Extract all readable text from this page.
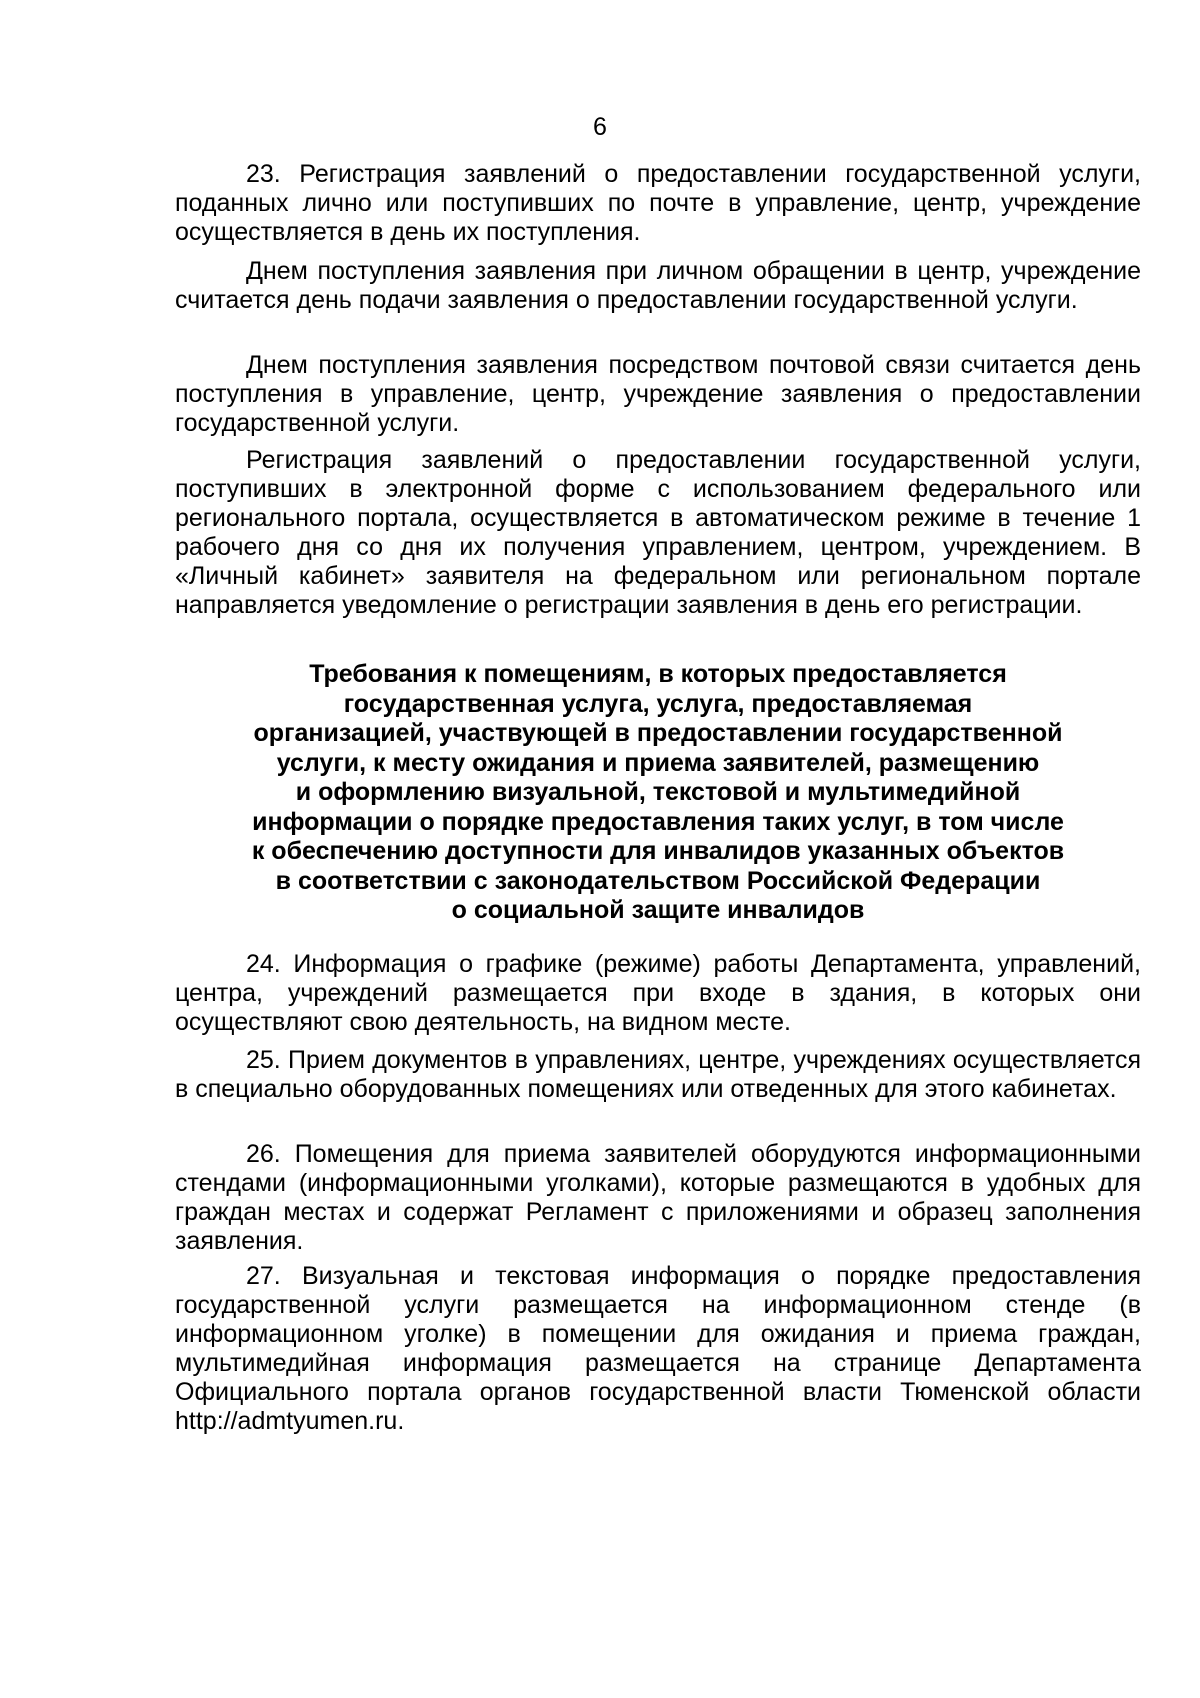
6

23. Регистрация заявлений о предоставлении государственной услуги, поданных лично или поступивших по почте в управление, центр, учреждение осуществляется в день их поступления.

Днем поступления заявления при личном обращении в центр, учреждение считается день подачи заявления о предоставлении государственной услуги.

Днем поступления заявления посредством почтовой связи считается день поступления в управление, центр, учреждение заявления о предоставлении государственной услуги.

Регистрация заявлений о предоставлении государственной услуги, поступивших в электронной форме с использованием федерального или регионального портала, осуществляется в автоматическом режиме в течение 1 рабочего дня со дня их получения управлением, центром, учреждением. В «Личный кабинет» заявителя на федеральном или региональном портале направляется уведомление о регистрации заявления в день его регистрации.

Требования к помещениям, в которых предоставляется
государственная услуга, услуга, предоставляемая
организацией, участвующей в предоставлении государственной
услуги, к месту ожидания и приема заявителей, размещению
и оформлению визуальной, текстовой и мультимедийной
информации о порядке предоставления таких услуг, в том числе
к обеспечению доступности для инвалидов указанных объектов
в соответствии с законодательством Российской Федерации
о социальной защите инвалидов

24. Информация о графике (режиме) работы Департамента, управлений, центра, учреждений размещается при входе в здания, в которых они осуществляют свою деятельность, на видном месте.

25. Прием документов в управлениях, центре, учреждениях осуществляется в специально оборудованных помещениях или отведенных для этого кабинетах.

26. Помещения для приема заявителей оборудуются информационными стендами (информационными уголками), которые размещаются в удобных для граждан местах и содержат Регламент с приложениями и образец заполнения заявления.

27. Визуальная и текстовая информация о порядке предоставления государственной услуги размещается на информационном стенде (в информационном уголке) в помещении для ожидания и приема граждан, мультимедийная информация размещается на странице Департамента Официального портала органов государственной власти Тюменской области http://admtyumen.ru.
